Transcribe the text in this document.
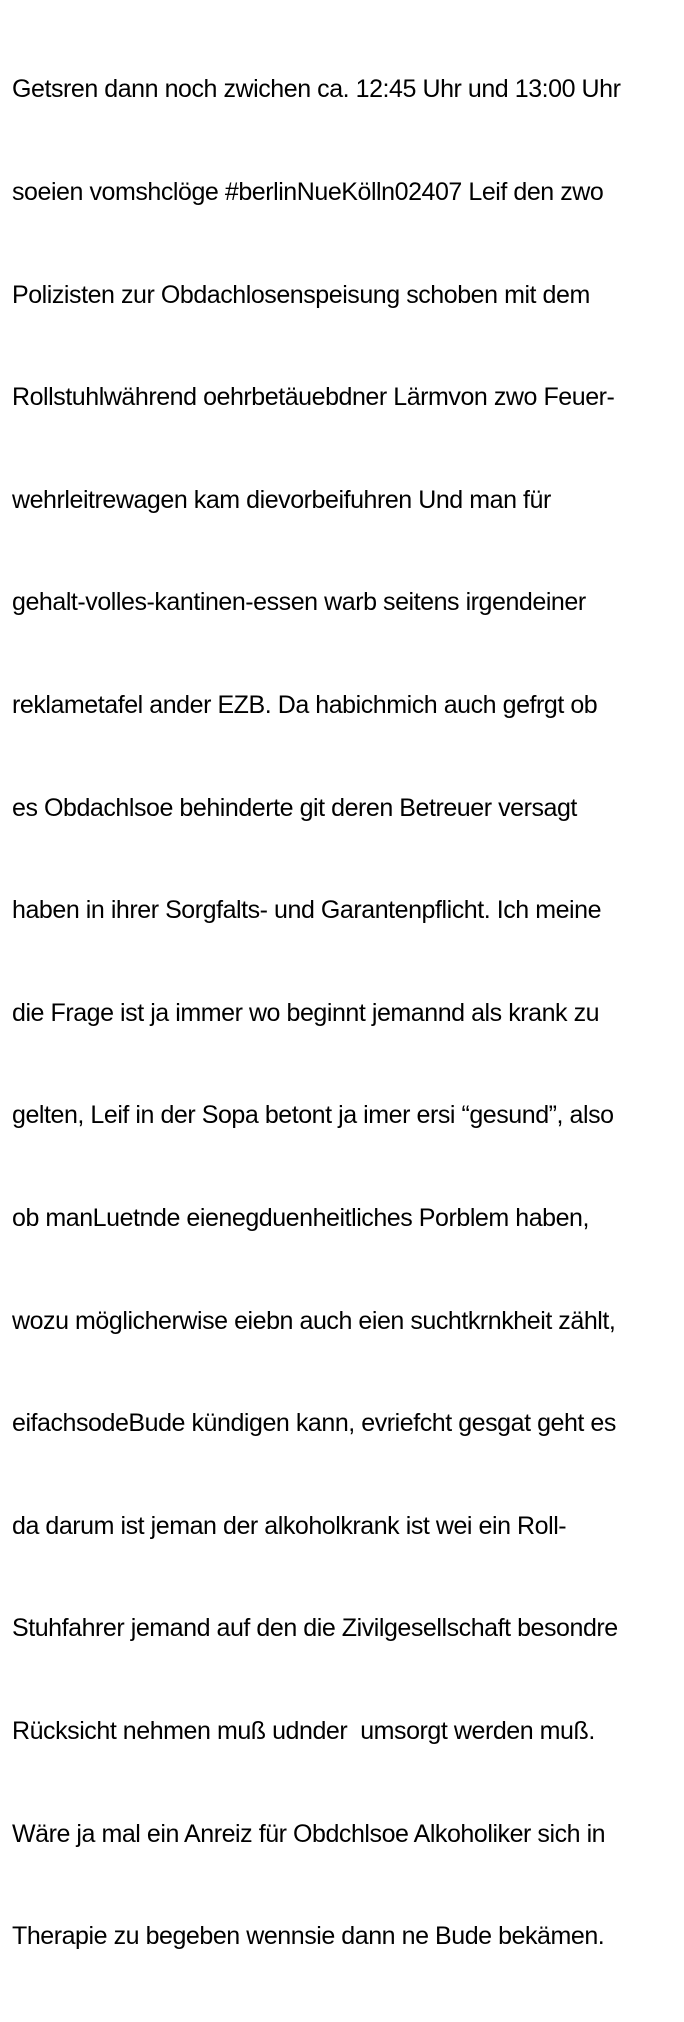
Getsren dann noch zwichen ca. 12:45 Uhr und 13:00 Uhr

soeien vomshclöge #berlinNueKölln02407 Leif den zwo

Polizisten zur Obdachlosenspeisung schoben mit dem

Rollstuhlwährend oehrbetäuebdner Lärmvon zwo Feuer-

wehrleitrewagen kam dievorbeifuhren Und man für

gehalt-volles-kantinen-essen warb seitens irgendeiner

reklametafel ander EZB. Da habichmich auch gefrgt ob

es Obdachlsoe behinderte git deren Betreuer versagt

haben in ihrer Sorgfalts- und Garantenpflicht. Ich meine

die Frage ist ja immer wo beginnt jemannd als krank zu

gelten, Leif in der Sopa betont ja imer ersi “gesund”, also

ob manLuetnde eienegduenheitliches Porblem haben,

wozu möglicherwise eiebn auch eien suchtkrnkheit zählt,

eifachsodeBude kündigen kann, evriefcht gesgat geht es

da darum ist jeman der alkoholkrank ist wei ein Roll-

Stuhfahrer jemand auf den die Zivilgesellschaft besondre

Rücksicht nehmen muß udnder  umsorgt werden muß.

Wäre ja mal ein Anreiz für Obdchlsoe Alkoholiker sich in

Therapie zu begeben wennsie dann ne Bude bekämen.
